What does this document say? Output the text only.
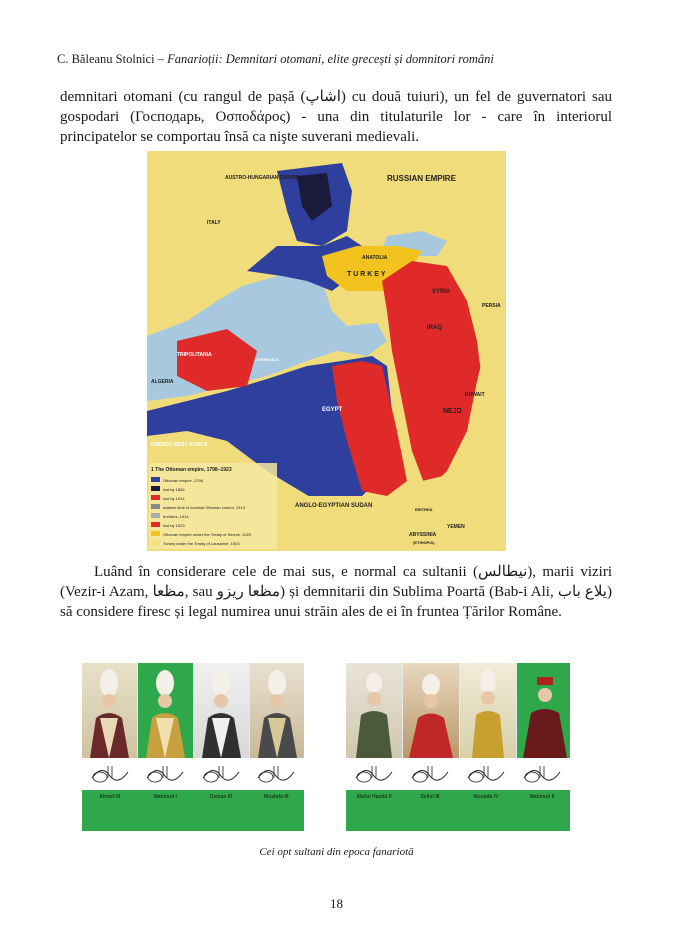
C. Băleanu Stolnici – Fanarioții: Demnitari otomani, elite grecești și domnitori români

demnitari otomani (cu rangul de pașă (اشاپ) cu două tuiuri), un fel de guvernatori sau gospodari (Господарь, Οσποδάρος) - una din titulaturile lor - care în interiorul principatelor se comportau însă ca nişte suverani medievali.

AUSTRO-HUNGARIAN EMPIRE	RUSSIAN EMPIRE
ITALY
ANATOLIA
T U R K E Y
SYRIA
PERSIA
IRAQ
TRIPOLITANIA
CYRENAICA
ALGERIA
EGYPT
KUWAIT
NEJD
FRENCH WEST AFRICA
ANGLO-EGYPTIAN SUDAN
ERITREA
YEMEN
ABYSSINIA
(ETHIOPIA)
1 The Ottoman empire, 1798–1923
Ottoman empire, 1798
lost by 1856
lost by 1914
eastern limit of nominal Ottoman control, 1913
frontiers, 1914
lost by 1923
Ottoman empire under the Treaty of Sèvres, 1920
Turkey under the Treaty of Lausanne, 1923

Luând în considerare cele de mai sus, e normal ca sultanii (نیطالس), marii viziri (Vezir-i Azam, مظعا, sau مظعا ریزو) și demnitarii din Sublima Poartă (Bab-i Ali, یلاع باب) să considere firesc și legal numirea unui străin ales de ei în fruntea Țărilor Române.

Ahmet III	Mahmud I	Osman III	Mustafa III	Abdul Hamid II	Selim III	Mustafa IV	Mahmud II
Cei opt sultani din epoca fanariotă
18
